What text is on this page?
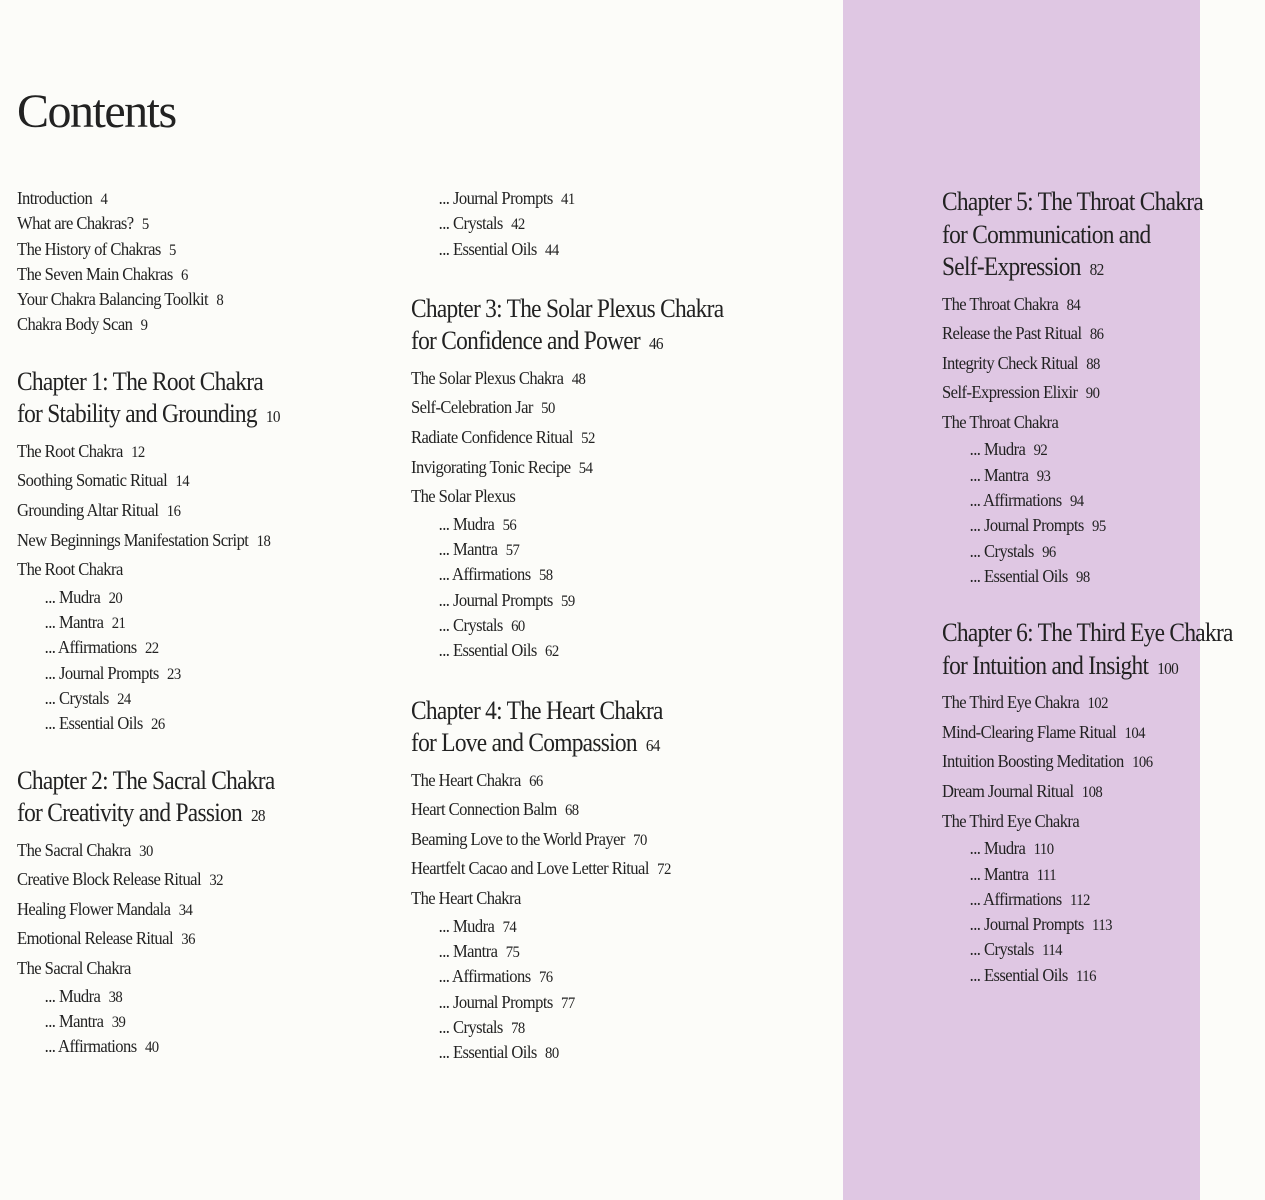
Contents
Introduction 4
What are Chakras? 5
The History of Chakras 5
The Seven Main Chakras 6
Your Chakra Balancing Toolkit 8
Chakra Body Scan 9
Chapter 1: The Root Chakra
for Stability and Grounding 10
The Root Chakra 12
Soothing Somatic Ritual 14
Grounding Altar Ritual 16
New Beginnings Manifestation Script 18
The Root Chakra
... Mudra 20
... Mantra 21
... Affirmations 22
... Journal Prompts 23
... Crystals 24
... Essential Oils 26
Chapter 2: The Sacral Chakra
for Creativity and Passion 28
The Sacral Chakra 30
Creative Block Release Ritual 32
Healing Flower Mandala 34
Emotional Release Ritual 36
The Sacral Chakra
... Mudra 38
... Mantra 39
... Affirmations 40
... Journal Prompts 41
... Crystals 42
... Essential Oils 44
Chapter 3: The Solar Plexus Chakra
for Confidence and Power 46
The Solar Plexus Chakra 48
Self-Celebration Jar 50
Radiate Confidence Ritual 52
Invigorating Tonic Recipe 54
The Solar Plexus
... Mudra 56
... Mantra 57
... Affirmations 58
... Journal Prompts 59
... Crystals 60
... Essential Oils 62
Chapter 4: The Heart Chakra
for Love and Compassion 64
The Heart Chakra 66
Heart Connection Balm 68
Beaming Love to the World Prayer 70
Heartfelt Cacao and Love Letter Ritual 72
The Heart Chakra
... Mudra 74
... Mantra 75
... Affirmations 76
... Journal Prompts 77
... Crystals 78
... Essential Oils 80
Chapter 5: The Throat Chakra
for Communication and
Self-Expression 82
The Throat Chakra 84
Release the Past Ritual 86
Integrity Check Ritual 88
Self-Expression Elixir 90
The Throat Chakra
... Mudra 92
... Mantra 93
... Affirmations 94
... Journal Prompts 95
... Crystals 96
... Essential Oils 98
Chapter 6: The Third Eye Chakra
for Intuition and Insight 100
The Third Eye Chakra 102
Mind-Clearing Flame Ritual 104
Intuition Boosting Meditation 106
Dream Journal Ritual 108
The Third Eye Chakra
... Mudra 110
... Mantra 111
... Affirmations 112
... Journal Prompts 113
... Crystals 114
... Essential Oils 116
